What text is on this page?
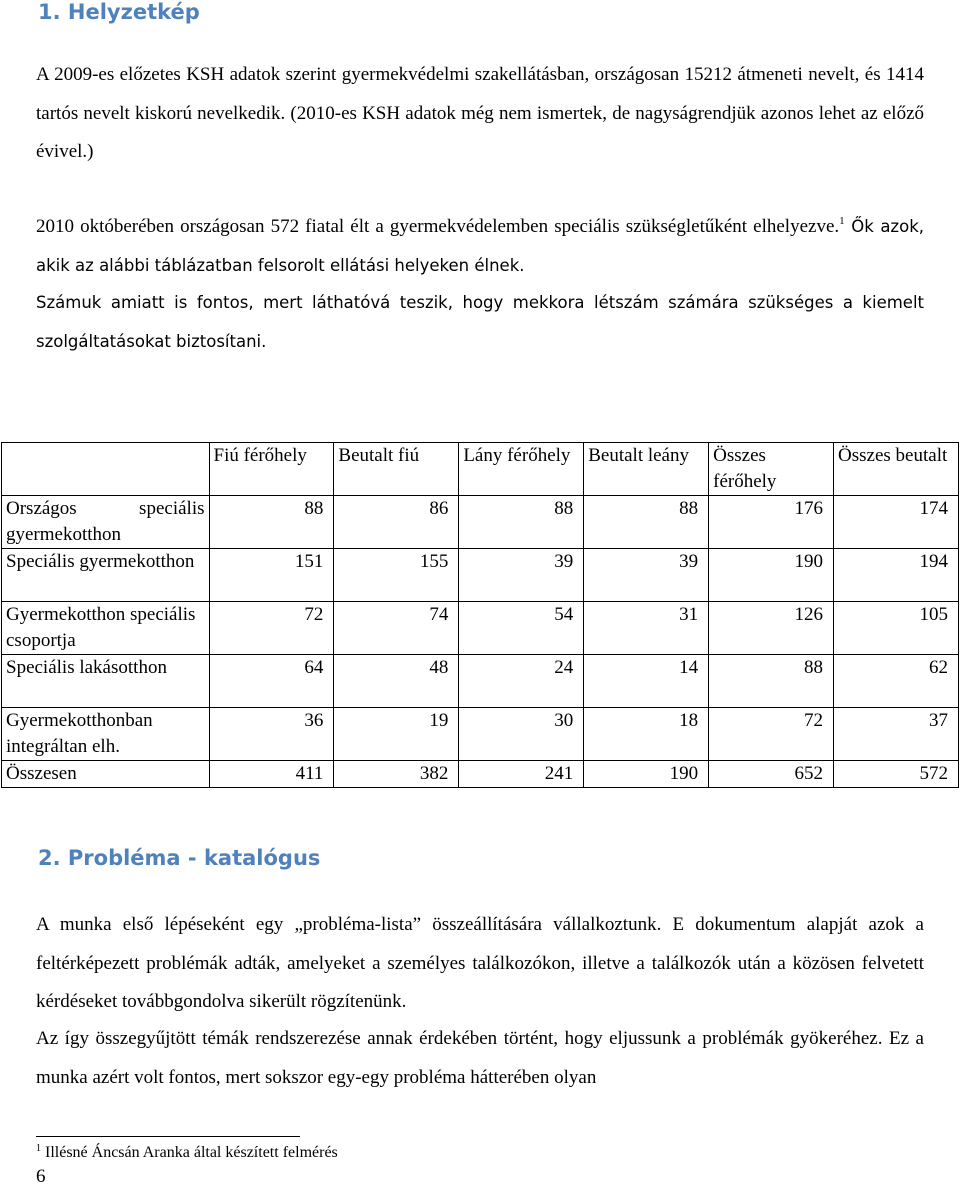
1. Helyzetkép

A 2009-es előzetes KSH adatok szerint gyermekvédelmi szakellátásban, országosan 15212 átmeneti nevelt, és 1414 tartós nevelt kiskorú nevelkedik. (2010-es KSH adatok még nem ismertek, de nagyságrendjük azonos lehet az előző évivel.)

2010 októberében országosan 572 fiatal élt a gyermekvédelemben speciális szükségletűként elhelyezve.$^1$ Ők azok, akik az alábbi táblázatban felsorolt ellátási helyeken élnek.

Számuk amiatt is fontos, mert láthatóvá teszik, hogy mekkora létszám számára szükséges a kiemelt szolgáltatásokat biztosítani.

	Fiú férőhely	Beutalt fiú	Lány férőhely	Beutalt leány	Összes férőhely	Összes beutalt

Országos speciális gyermekotthon	88	86	88	88	176	174
Speciális gyermekotthon	151	155	39	39	190	194
Gyermekotthon speciális csoportja	72	74	54	31	126	105
Speciális lakásotthon	64	48	24	14	88	62
Gyermekotthonban integráltan elh.	36	19	30	18	72	37
Összesen	411	382	241	190	652	572
2. Probléma - katalógus

A munka első lépéseként egy „probléma-lista” összeállítására vállalkoztunk. E dokumentum alapját azok a feltérképezett problémák adták, amelyeket a személyes találkozókon, illetve a találkozók után a közösen felvetett kérdéseket továbbgondolva sikerült rögzítenünk.

Az így összegyűjtött témák rendszerezése annak érdekében történt, hogy eljussunk a problémák gyökeréhez. Ez a munka azért volt fontos, mert sokszor egy-egy probléma hátterében olyan

$^1$ Illésné Áncsán Aranka által készített felmérés
6
